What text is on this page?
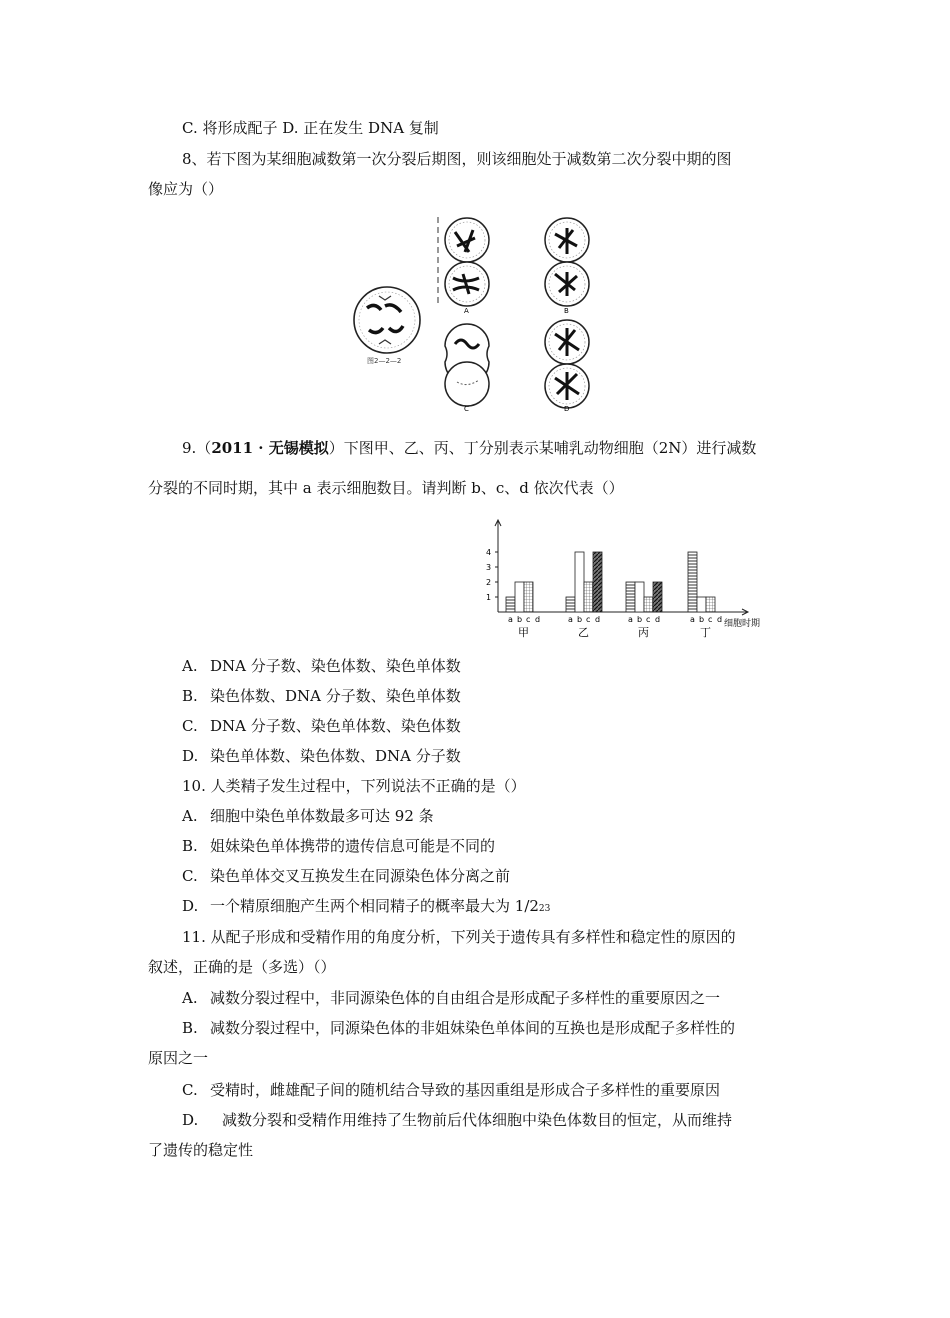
C. 将形成配子 D. 正在发生 DNA 复制
8、若下图为某细胞减数第一次分裂后期图，则该细胞处于减数第二次分裂中期的图
像应为（）
图2—2—2
A	B
C	D
9.（2011 · 无锡模拟）下图甲、乙、丙、丁分别表示某哺乳动物细胞（2N）进行减数
分裂的不同时期，其中 a 表示细胞数目。请判断 b、c、d 依次代表（）
1
2
3
4
a b c d
甲
a b c d
乙
a b c d
丙
a b c d
丁
细胞时期
A. DNA 分子数、染色体数、染色单体数
B. 染色体数、DNA 分子数、染色单体数
C. DNA 分子数、染色单体数、染色体数
D. 染色单体数、染色体数、DNA 分子数
10. 人类精子发生过程中，下列说法不正确的是（）
A. 细胞中染色单体数最多可达 92 条
B. 姐妹染色单体携带的遗传信息可能是不同的
C. 染色单体交叉互换发生在同源染色体分离之前
D. 一个精原细胞产生两个相同精子的概率最大为 1/223
11. 从配子形成和受精作用的角度分析，下列关于遗传具有多样性和稳定性的原因的
叙述，正确的是（多选）（）
A. 减数分裂过程中，非同源染色体的自由组合是形成配子多样性的重要原因之一
B. 减数分裂过程中，同源染色体的非姐妹染色单体间的互换也是形成配子多样性的
原因之一
C. 受精时，雌雄配子间的随机结合导致的基因重组是形成合子多样性的重要原因
D. 减数分裂和受精作用维持了生物前后代体细胞中染色体数目的恒定，从而维持
了遗传的稳定性
